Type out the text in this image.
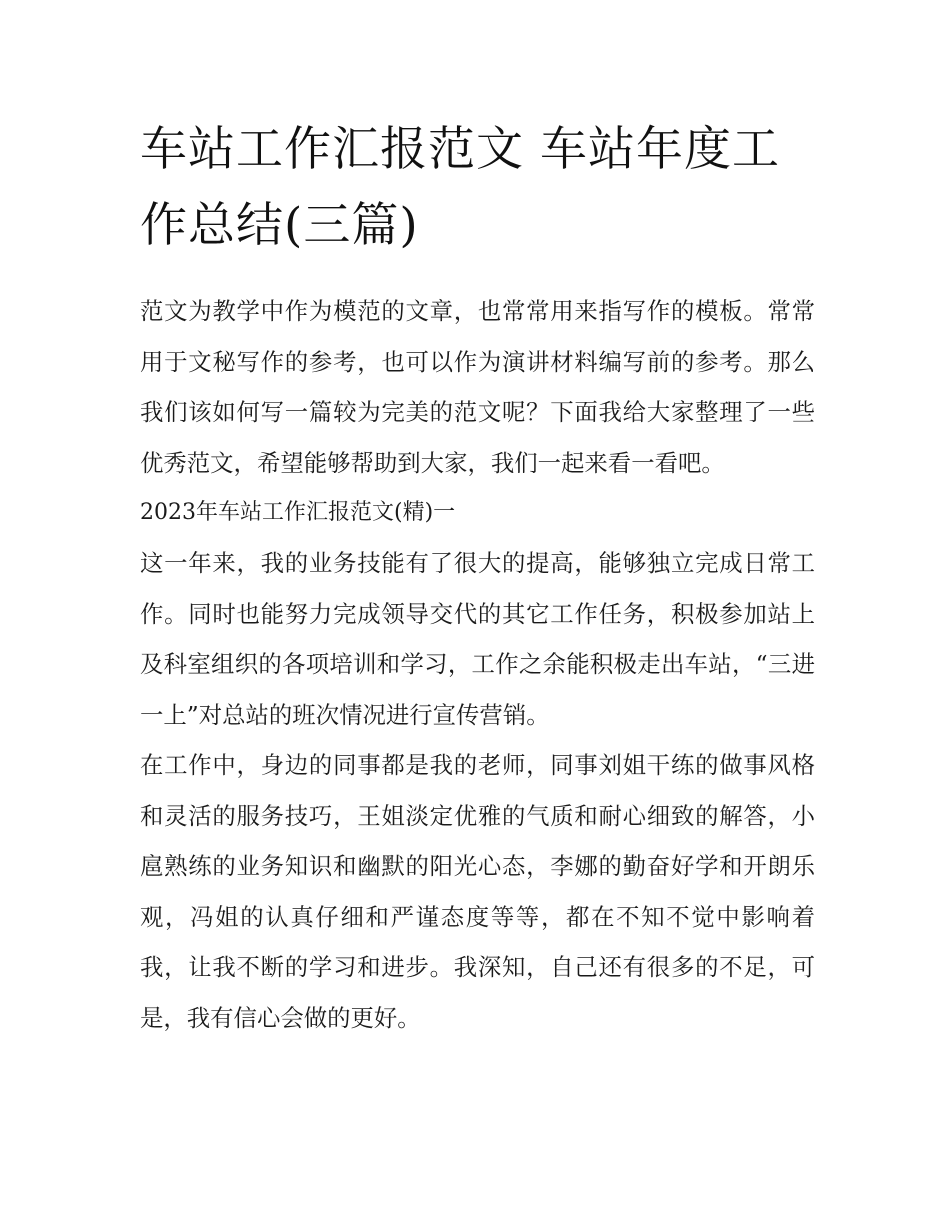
车站工作汇报范文 车站年度工作总结(三篇)

范文为教学中作为模范的文章，也常常用来指写作的模板。常常用于文秘写作的参考，也可以作为演讲材料编写前的参考。那么我们该如何写一篇较为完美的范文呢？下面我给大家整理了一些优秀范文，希望能够帮助到大家，我们一起来看一看吧。

2023年车站工作汇报范文(精)一

这一年来，我的业务技能有了很大的提高，能够独立完成日常工作。同时也能努力完成领导交代的其它工作任务，积极参加站上及科室组织的各项培训和学习，工作之余能积极走出车站，“三进一上”对总站的班次情况进行宣传营销。

在工作中，身边的同事都是我的老师，同事刘姐干练的做事风格和灵活的服务技巧，王姐淡定优雅的气质和耐心细致的解答，小扈熟练的业务知识和幽默的阳光心态，李娜的勤奋好学和开朗乐观，冯姐的认真仔细和严谨态度等等，都在不知不觉中影响着我，让我不断的学习和进步。我深知，自己还有很多的不足，可是，我有信心会做的更好。
